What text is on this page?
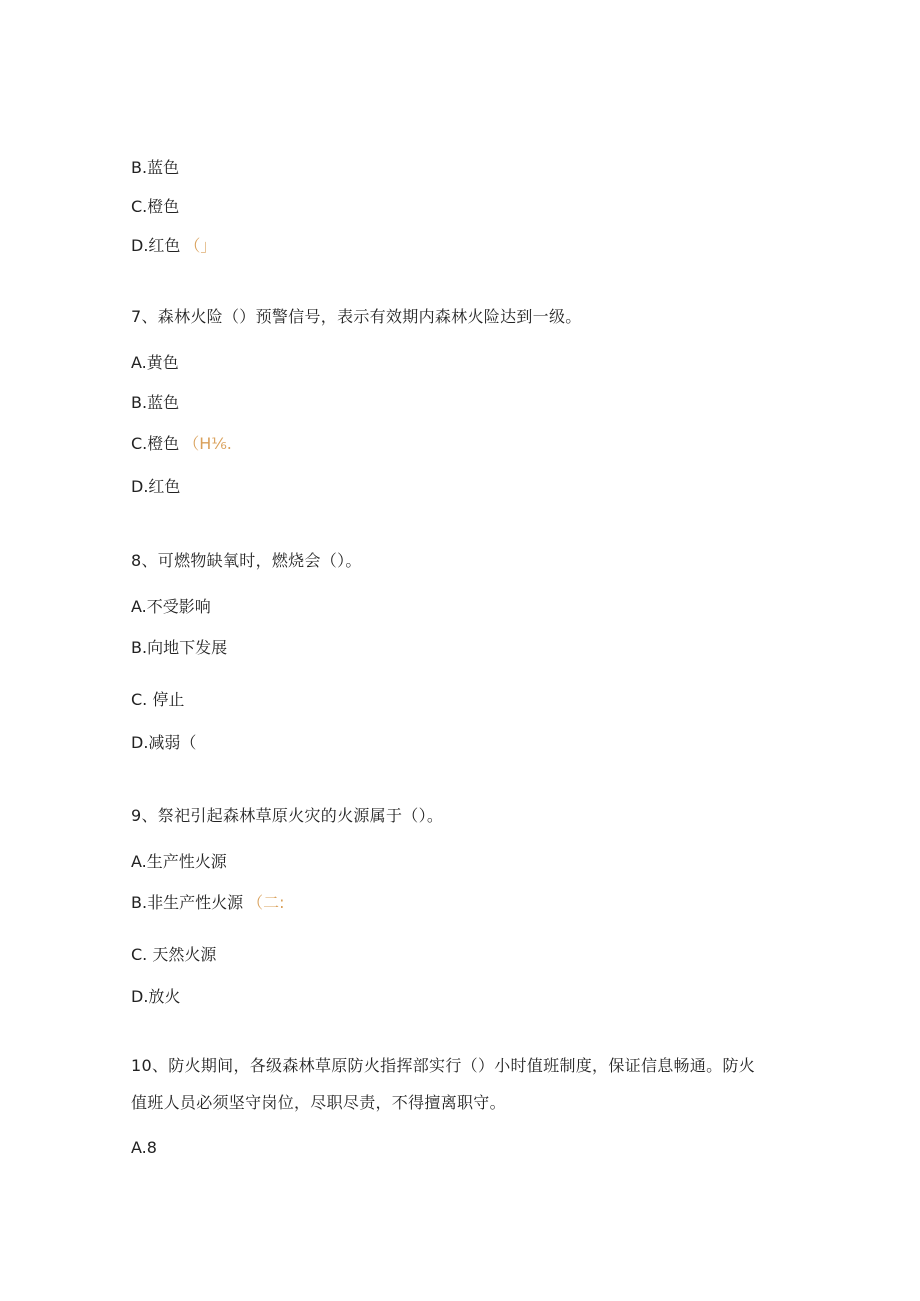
B.蓝色
C.橙色
D.红色 （」
7、森林火险（）预警信号，表示有效期内森林火险达到一级。
A.黄色
B.蓝色
C.橙色 （H⅙.
D.红色
8、可燃物缺氧时，燃烧会（）。
A.不受影响
B.向地下发展
C. 停止
D.减弱（
9、祭祀引起森林草原火灾的火源属于（）。
A.生产性火源
B.非生产性火源 （二:
C. 天然火源
D.放火
10、防火期间，各级森林草原防火指挥部实行（）小时值班制度，保证信息畅通。防火
值班人员必须坚守岗位，尽职尽责，不得擅离职守。
A.8
